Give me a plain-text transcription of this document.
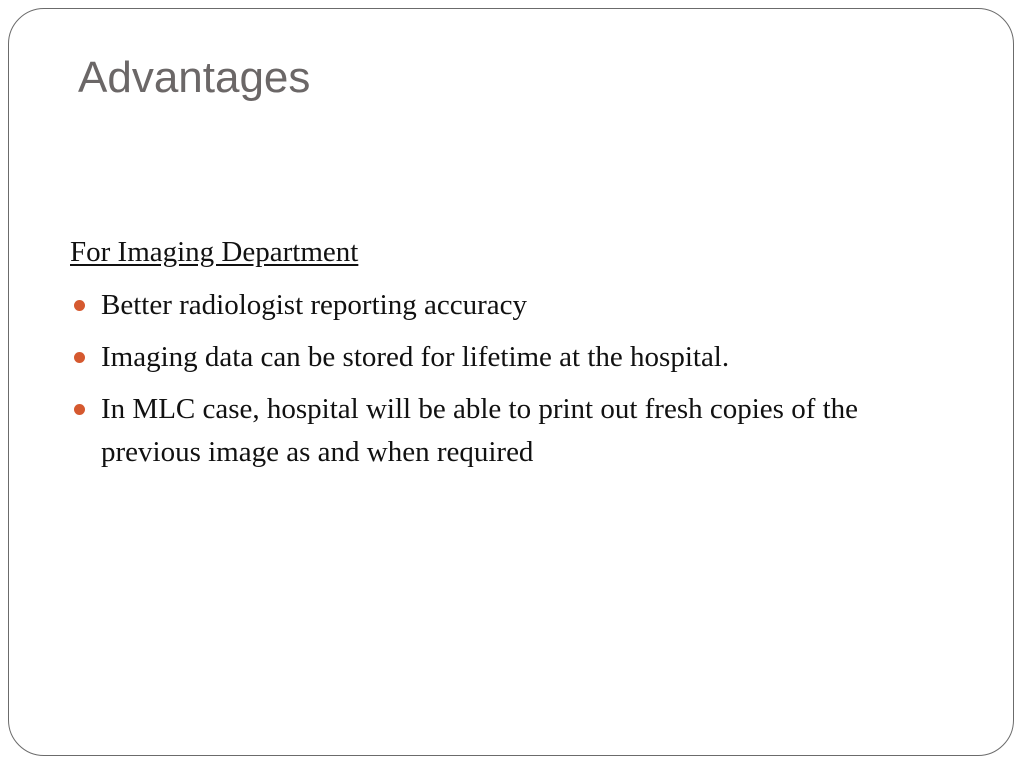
Advantages
For Imaging Department
Better radiologist reporting accuracy
Imaging data can be stored for lifetime at the hospital.
In MLC case, hospital will be able to print out fresh copies of the previous image as and when required
